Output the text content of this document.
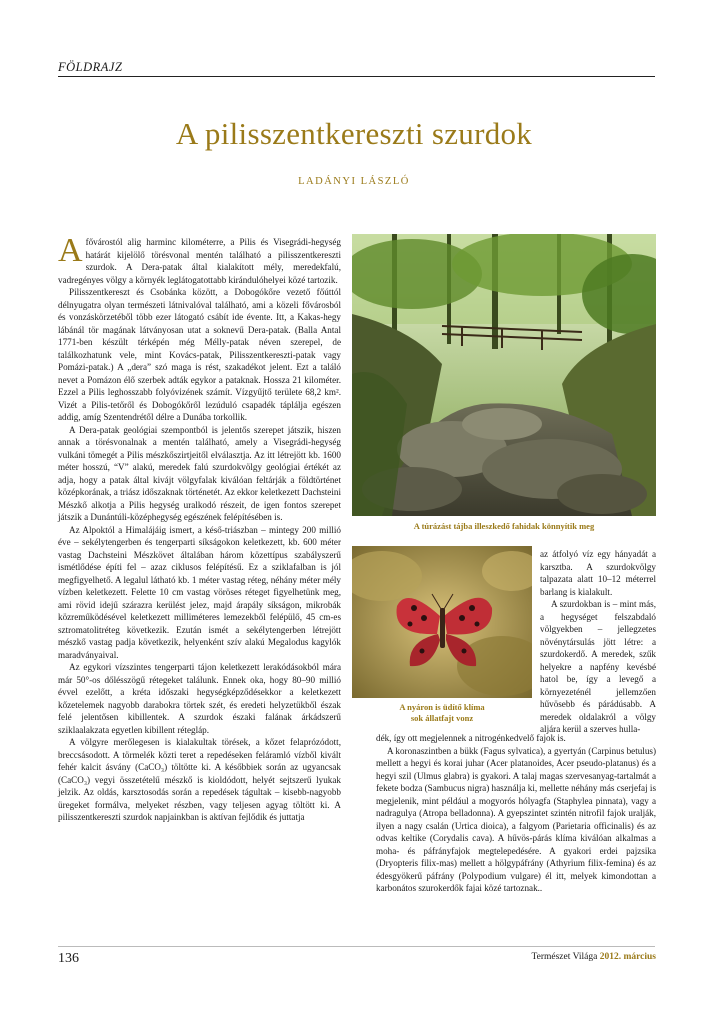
FÖLDRAJZ
A pilisszentkereszti szurdok
LADÁNYI LÁSZLÓ

A fővárostól alig harminc kilométerre, a Pilis és Visegrádi-hegység határát kijelölő törésvonal mentén található a pilisszentkereszti szurdok. A Dera-patak által kialakított mély, meredekfalú, vadregényes völgy a környék leglátogatottabb kirándulóhelyei közé tartozik.

Pilisszentkereszt és Csobánka között, a Dobogókőre vezető főúttól délnyugatra olyan természeti látnivalóval található, ami a közeli fővárosból és vonzáskörzetéből több ezer látogató csábít ide évente. Itt, a Kakas-hegy lábánál tör magának látványosan utat a soknevű Dera-patak. (Balla Antal 1771-ben készült térképén még Mélly-patak néven szerepel, de találkozhatunk vele, mint Kovács-patak, Pilisszentkereszti-patak vagy Pomázi-patak.) A „dera” szó maga is rést, szakadékot jelent. Ezt a találó nevet a Pomázon élő szerbek adták egykor a pataknak. Hossza 21 kilométer. Ezzel a Pilis leghosszabb folyóvizének számít. Vízgyűjtő területe 68,2 km². Vizét a Pilis-tetőről és Dobogókőről lezúduló csapadék táplálja egészen addig, amíg Szentendrétől délre a Dunába torkollik.

A Dera-patak geológiai szempontból is jelentős szerepet játszik, hiszen annak a törésvonalnak a mentén található, amely a Visegrádi-hegység vulkáni tömegét a Pilis mészkőszirtjeitől elválasztja. Az itt létrejött kb. 1600 méter hosszú, “V” alakú, meredek falú szurdokvölgy geológiai értékét az adja, hogy a patak által kivájt völgyfalak kiválóan feltárják a földtörténet középkorának, a triász időszaknak történetét. Az ekkor keletkezett Dachsteini Mészkő alkotja a Pilis hegység uralkodó részeit, de igen fontos szerepet játszik a Dunántúli-középhegység egészének felépítésében is.

Az Alpoktól a Himalájáig ismert, a késő-triászban – mintegy 200 millió éve – sekélytengerben és tengerparti síkságokon keletkezett, kb. 600 méter vastag Dachsteini Mészkövet általában három közettípus szabályszerű ismétlődése építi fel – azaz ciklusos felépítésű. Ez a sziklafalban is jól megfigyelhető. A legalul látható kb. 1 méter vastag réteg, néhány méter mély vízben keletkezett. Felette 10 cm vastag vöröses réteget figyelhetünk meg, ami rövid idejű szárazra kerülést jelez, majd árapály síkságon, mikrobák közreműködésével keletkezett milliméteres lemezekből felépülő, 45 cm-es sztromatolitréteg következik. Ezután ismét a sekélytengerben létrejött mészkő vastag padja következik, helyenként szív alakú Megalodus kagylók maradványaival.

Az egykori vízszintes tengerparti tájon keletkezett lerakódásokból mára már 50°-os dőlésszögű rétegeket találunk. Ennek oka, hogy 80–90 millió évvel ezelőtt, a kréta időszaki hegységképződésekkor a keletkezett kőzetelemek nagyobb darabokra törtek szét, és eredeti helyzetükből észak felé jelentősen kibillentek. A szurdok északi falának árkádszerű sziklaalakzata egyetlen kibillent rétegláp.

A völgyre merőlegesen is kialakultak törések, a kőzet felaprózódott, breccsásodott. A törmelék közti teret a repedéseken feláramló vízből kivált fehér kalcit ásvány (CaCO₃) töltötte ki. A későbbiek során az ugyancsak (CaCO₃) vegyi összetételű mészkő is kioldódott, helyét sejtszerű lyukak jelzik. Az oldás, karsztosodás során a repedések tágultak – kisebb-nagyobb üregeket formálva, melyeket részben, vagy teljesen agyag töltött ki. A pilisszentkereszti szurdok napjainkban is aktívan fejlődik és juttatja

A túrázást tájba illeszkedő fahidak könnyítik meg
A nyáron is üdítő klíma
sok állatfajt vonz

az átfolyó víz egy hányadát a karsztba. A szurdokvölgy talpazata alatt 10–12 méterrel barlang is kialakult.

A szurdokban is – mint más, a hegységet felszabdaló völgyekben – jellegzetes növénytársulás jött létre: a szurdokerdő. A meredek, szűk helyekre a napfény kevésbé hatol be, így a levegő a környezeténél jellemzően hűvösebb és párádúsabb. A meredek oldalakról a völgy aljára kerül a szerves hulla-

dék, így ott megjelennek a nitrogénkedvelő fajok is.

A koronaszintben a bükk (Fagus sylvatica), a gyertyán (Carpinus betulus) mellett a hegyi és korai juhar (Acer platanoides, Acer pseudo-platanus) és a hegyi szil (Ulmus glabra) is gyakori. A talaj magas szervesanyag-tartalmát a fekete bodza (Sambucus nigra) használja ki, mellette néhány más cserjefaj is megjelenik, mint például a mogyorós hólyagfa (Staphylea pinnata), vagy a nadragulya (Atropa belladonna). A gyepszintet szintén nitrofil fajok uralják, ilyen a nagy csalán (Urtica dioica), a falgyom (Parietaria officinalis) és az odvas keltike (Corydalis cava). A hűvös-párás klíma kiválóan alkalmas a moha- és páfrányfajok megtelepedésére. A gyakori erdei pajzsika (Dryopteris filix-mas) mellett a hölgypáfrány (Athyrium filix-femina) és az édesgyökerű páfrány (Polypodium vulgare) él itt, melyek kimondottan a karbonátos szurokerdők fajai közé tartoznak..

136	Természet Világa 2012. március
